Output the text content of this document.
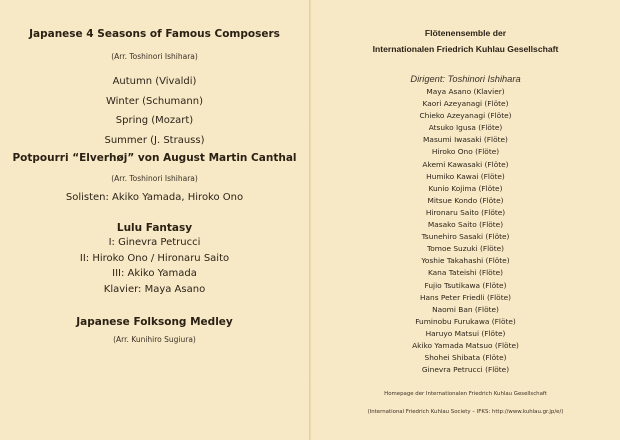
Japanese 4 Seasons of Famous Composers
(Arr. Toshinori Ishihara)
Autumn (Vivaldi)
Winter (Schumann)
Spring (Mozart)
Summer (J. Strauss)
Potpourri “Elverhøj” von August Martin Canthal
(Arr. Toshinori Ishihara)
Solisten: Akiko Yamada, Hiroko Ono
Lulu Fantasy
I: Ginevra Petrucci
II: Hiroko Ono / Hironaru Saito
III: Akiko Yamada
Klavier: Maya Asano
Japanese Folksong Medley
(Arr. Kunihiro Sugiura)
Flötenensemble der
Internationalen Friedrich Kuhlau Gesellschaft
Dirigent: Toshinori Ishihara
Maya Asano (Klavier)
Kaori Azeyanagi (Flöte)
Chieko Azeyanagi (Flöte)
Atsuko Igusa (Flöte)
Masumi Iwasaki (Flöte)
Hiroko Ono (Flöte)
Akemi Kawasaki (Flöte)
Humiko Kawai (Flöte)
Kunio Kojima (Flöte)
Mitsue Kondo (Flöte)
Hironaru Saito (Flöte)
Masako Saito (Flöte)
Tsunehiro Sasaki (Flöte)
Tomoe Suzuki (Flöte)
Yoshie Takahashi (Flöte)
Kana Tateishi (Flöte)
Fujio Tsutikawa (Flöte)
Hans Peter Friedli (Flöte)
Naomi Ban (Flöte)
Fuminobu Furukawa (Flöte)
Haruyo Matsui (Flöte)
Akiko Yamada Matsuo (Flöte)
Shohei Shibata (Flöte)
Ginevra Petrucci (Flöte)
Homepage der Internationalen Friedrich Kuhlau Gesellschaft
(International Friedrich Kuhlau Society – IFKS: http://www.kuhlau.gr.jp/e/)
